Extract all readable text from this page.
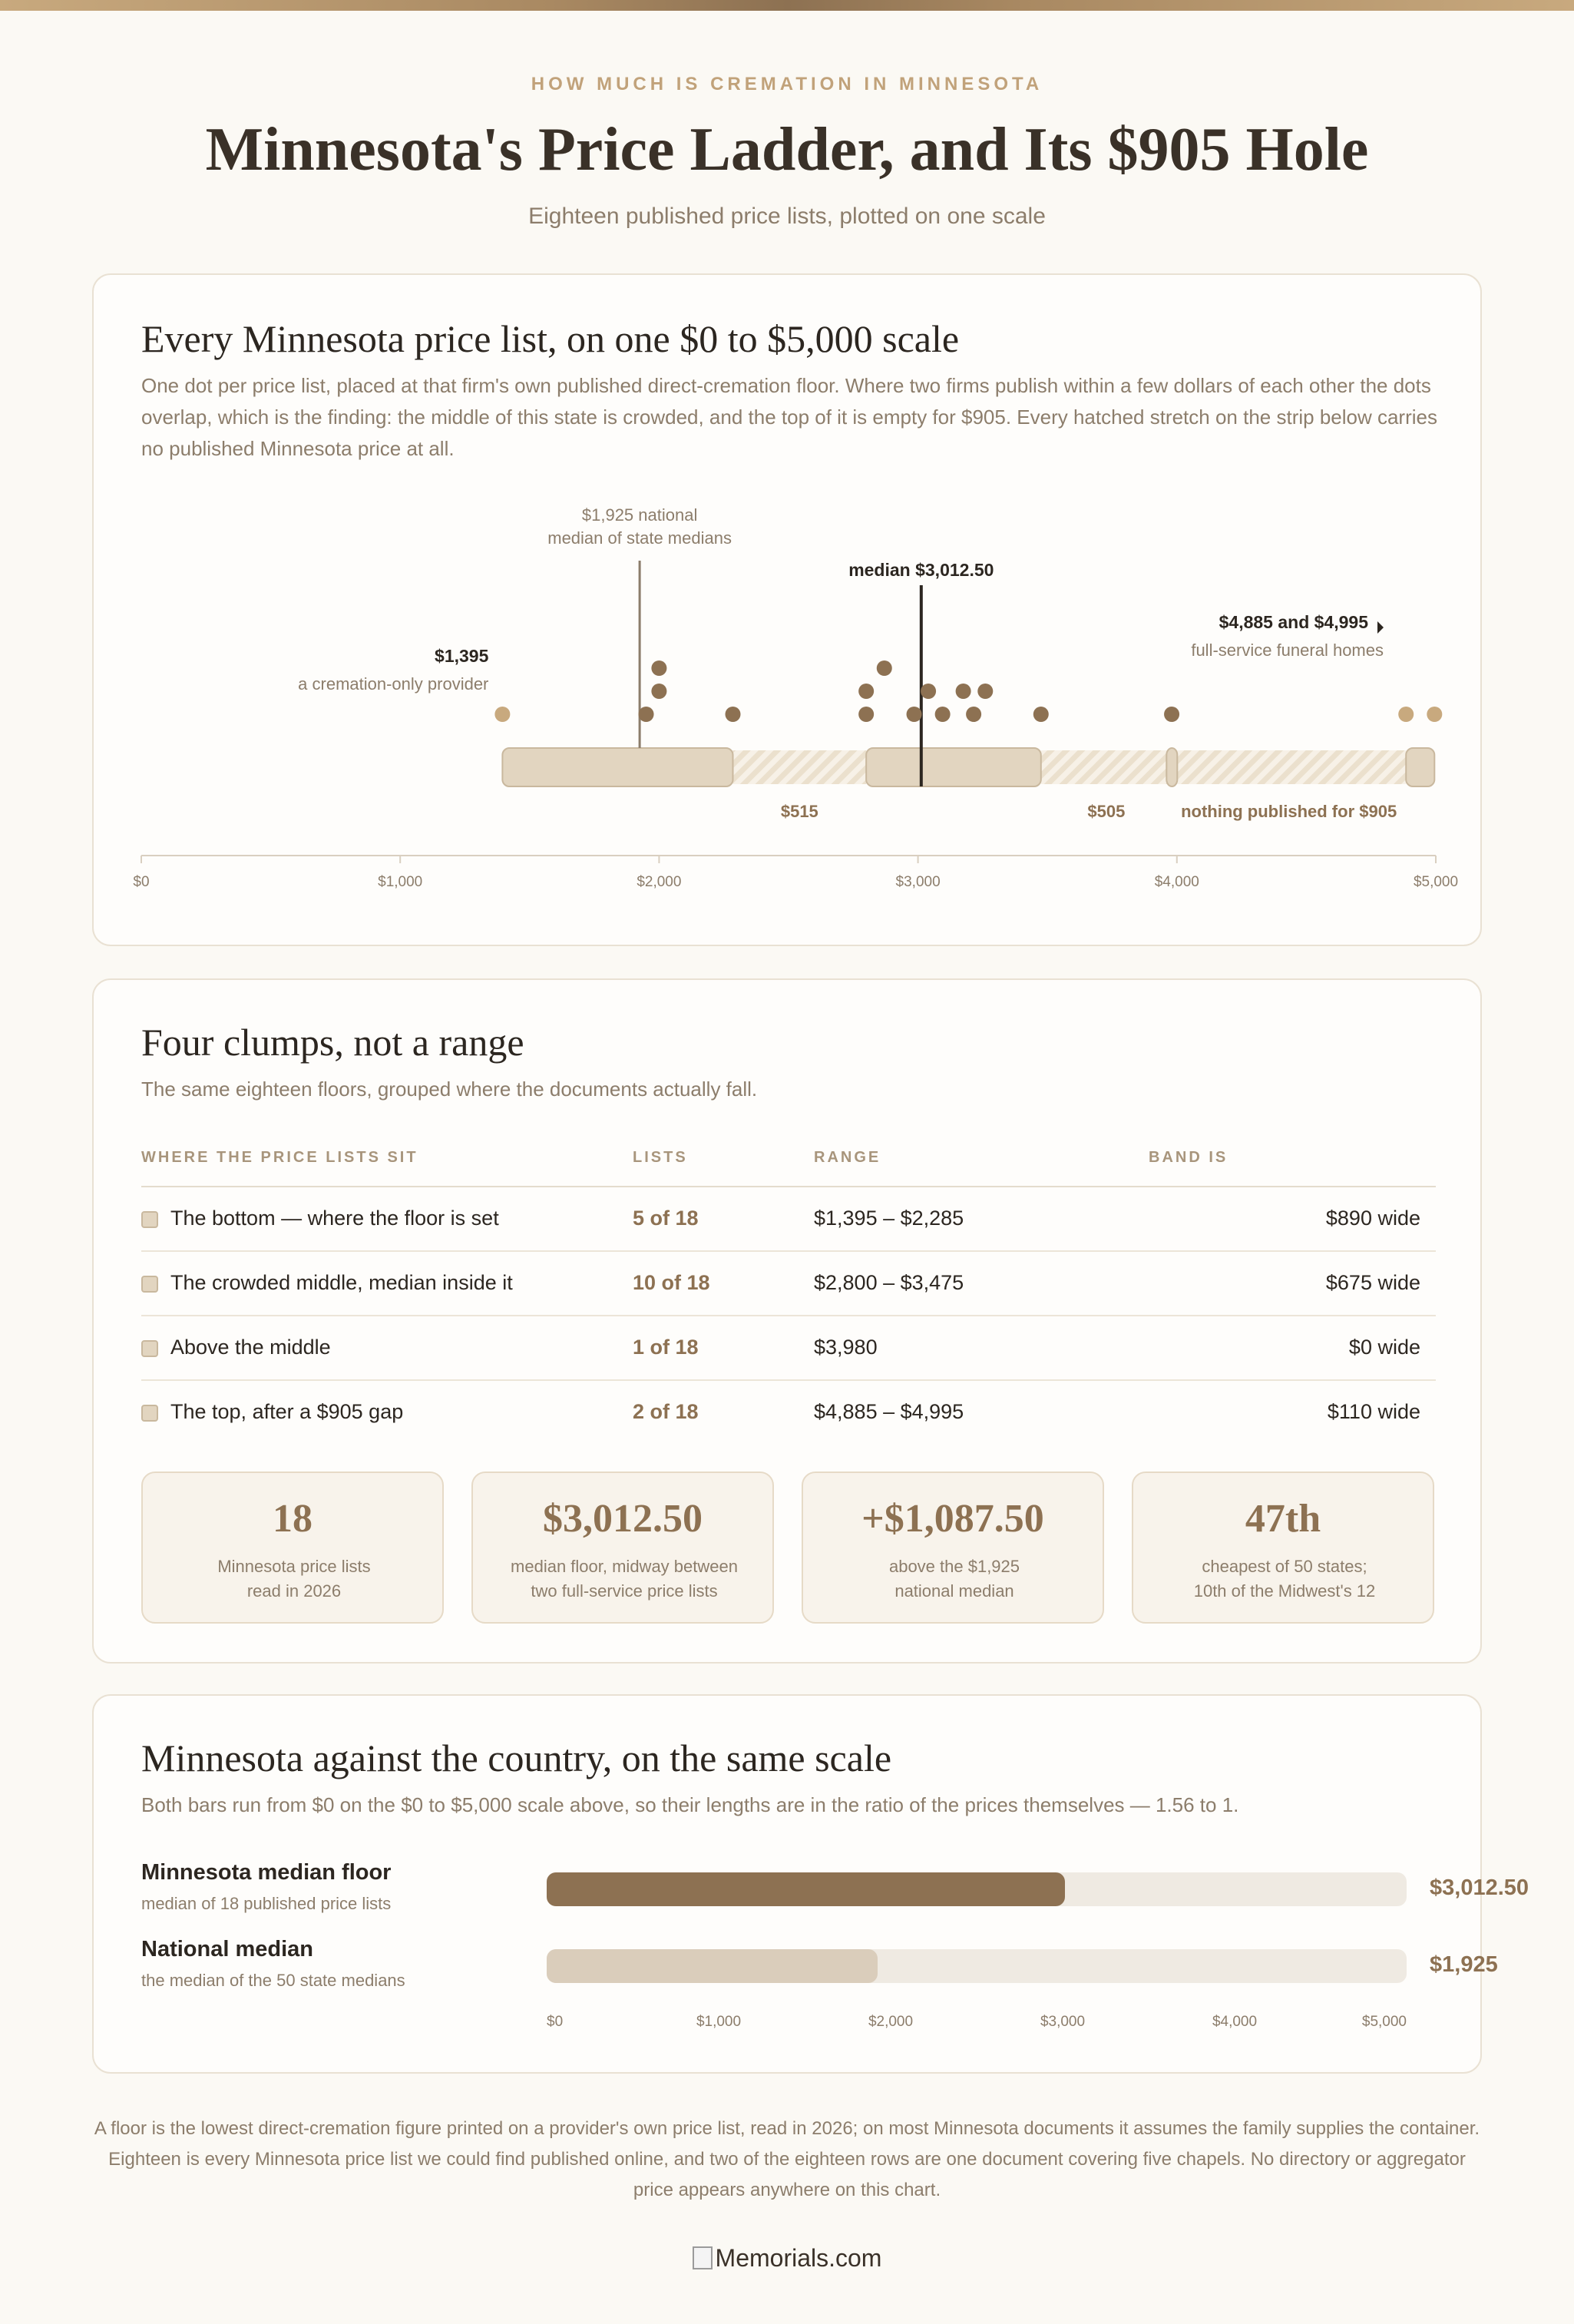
HOW MUCH IS CREMATION IN MINNESOTA
Minnesota's Price Ladder, and Its $905 Hole
Eighteen published price lists, plotted on one scale
Every Minnesota price list, on one $0 to $5,000 scale
One dot per price list, placed at that firm's own published direct-cremation floor. Where two firms publish within a few dollars of each other the dots overlap, which is the finding: the middle of this state is crowded, and the top of it is empty for $905. Every hatched stretch on the strip below carries no published Minnesota price at all.
$515	$505	nothing published for $905
$1,925 national
median of state medians
median $3,012.50
$1,395
a cremation-only provider
$4,885 and $4,995
full-service funeral homes
$0	$1,000	$2,000	$3,000	$4,000	$5,000
Four clumps, not a range
The same eighteen floors, grouped where the documents actually fall.
WHERE THE PRICE LISTS SIT	LISTS	RANGE	BAND IS
The bottom — where the floor is set	5 of 18	$1,395 – $2,285	$890 wide
The crowded middle, median inside it	10 of 18	$2,800 – $3,475	$675 wide
Above the middle	1 of 18	$3,980	$0 wide
The top, after a $905 gap	2 of 18	$4,885 – $4,995	$110 wide
18
Minnesota price lists
read in 2026
$3,012.50
median floor, midway between
two full-service price lists
+$1,087.50
above the $1,925
national median
47th
cheapest of 50 states;
10th of the Midwest's 12
Minnesota against the country, on the same scale
Both bars run from $0 on the $0 to $5,000 scale above, so their lengths are in the ratio of the prices themselves — 1.56 to 1.
Minnesota median floor
median of 18 published price lists
$3,012.50
National median
the median of the 50 state medians
$1,925
$0	$1,000	$2,000	$3,000	$4,000	$5,000
A floor is the lowest direct-cremation figure printed on a provider's own price list, read in 2026; on most Minnesota documents it assumes the family supplies the container. Eighteen is every Minnesota price list we could find published online, and two of the eighteen rows are one document covering five chapels. No directory or aggregator price appears anywhere on this chart.
Memorials.com
